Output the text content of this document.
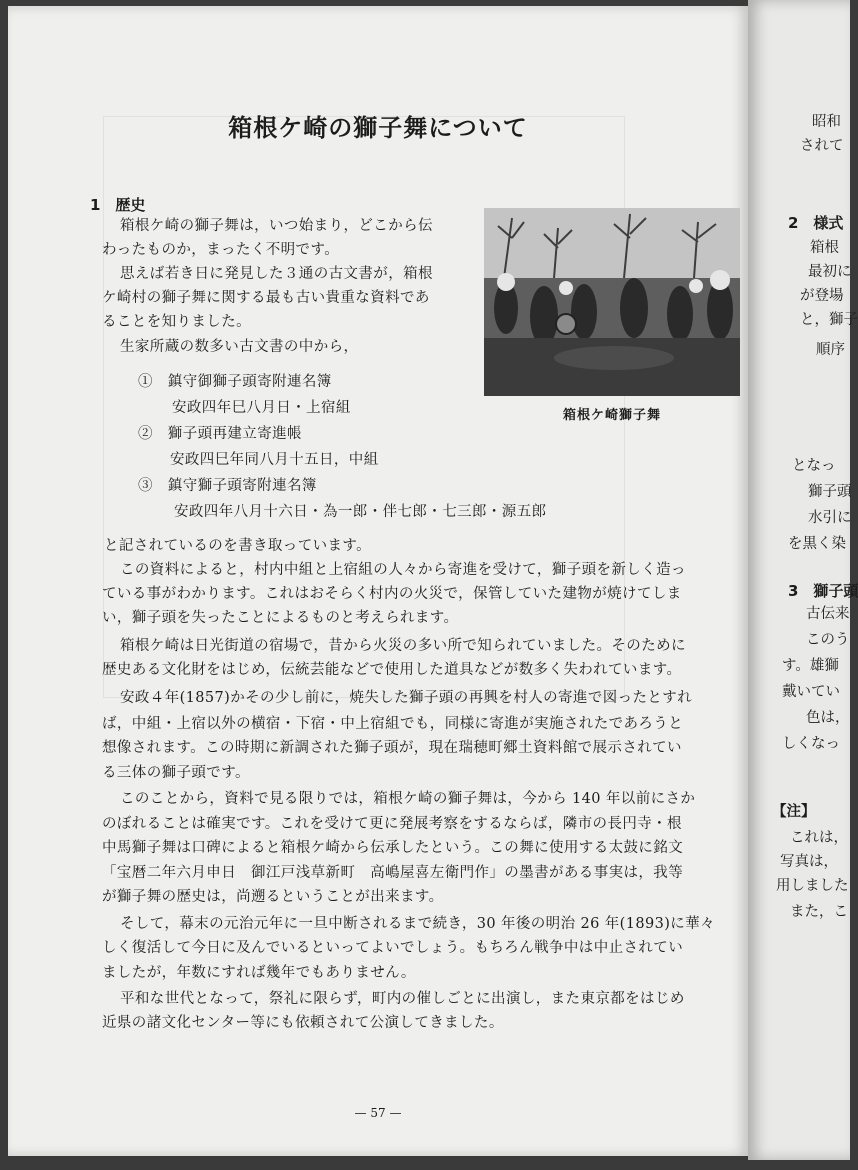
箱根ケ崎の獅子舞について
1　歴史
箱根ケ崎獅子舞
箱根ケ崎の獅子舞は，いつ始まり，どこから伝
わったものか，まったく不明です。
思えば若き日に発見した３通の古文書が，箱根
ケ崎村の獅子舞に関する最も古い貴重な資料であ
ることを知りました。
生家所蔵の数多い古文書の中から，
①　鎮守御獅子頭寄附連名簿
安政四年巳八月日・上宿組
②　獅子頭再建立寄進帳
安政四巳年同八月十五日，中組
③　鎮守獅子頭寄附連名簿
安政四年八月十六日・為一郎・伴七郎・七三郎・源五郎
と記されているのを書き取っています。
この資料によると，村内中組と上宿組の人々から寄進を受けて，獅子頭を新しく造っ
ている事がわかります。これはおそらく村内の火災で，保管していた建物が焼けてしま
い，獅子頭を失ったことによるものと考えられます。
箱根ケ崎は日光街道の宿場で，昔から火災の多い所で知られていました。そのために
歴史ある文化財をはじめ，伝統芸能などで使用した道具などが数多く失われています。
安政４年(1857)かその少し前に，焼失した獅子頭の再興を村人の寄進で図ったとすれ
ば，中組・上宿以外の横宿・下宿・中上宿組でも，同様に寄進が実施されたであろうと
想像されます。この時期に新調された獅子頭が，現在瑞穂町郷土資料館で展示されてい
る三体の獅子頭です。
このことから，資料で見る限りでは，箱根ケ崎の獅子舞は，今から 140 年以前にさか
のぼれることは確実です。これを受けて更に発展考察をするならば，隣市の長円寺・根
中馬獅子舞は口碑によると箱根ケ崎から伝承したという。この舞に使用する太鼓に銘文
「宝暦二年六月申日　御江戸浅草新町　高嶋屋喜左衛門作」の墨書がある事実は，我等
が獅子舞の歴史は，尚遡るということが出来ます。
そして，幕末の元治元年に一旦中断されるまで続き，30 年後の明治 26 年(1893)に華々
しく復活して今日に及んでいるといってよいでしょう。もちろん戦争中は中止されてい
ましたが，年数にすれば幾年でもありません。
平和な世代となって，祭礼に限らず，町内の催しごとに出演し，また東京都をはじめ
近県の諸文化センター等にも依頼されて公演してきました。
— 57 —
昭和
されて
2　様式
箱根
最初に
が登場
と，獅子
順序
となっ
獅子頭
水引に
を黒く染
3　獅子頭
古伝来
このう
す。雄獅
戴いてい
色は，
しくなっ
【注】
これは，
写真は，
用しました
また，こ
